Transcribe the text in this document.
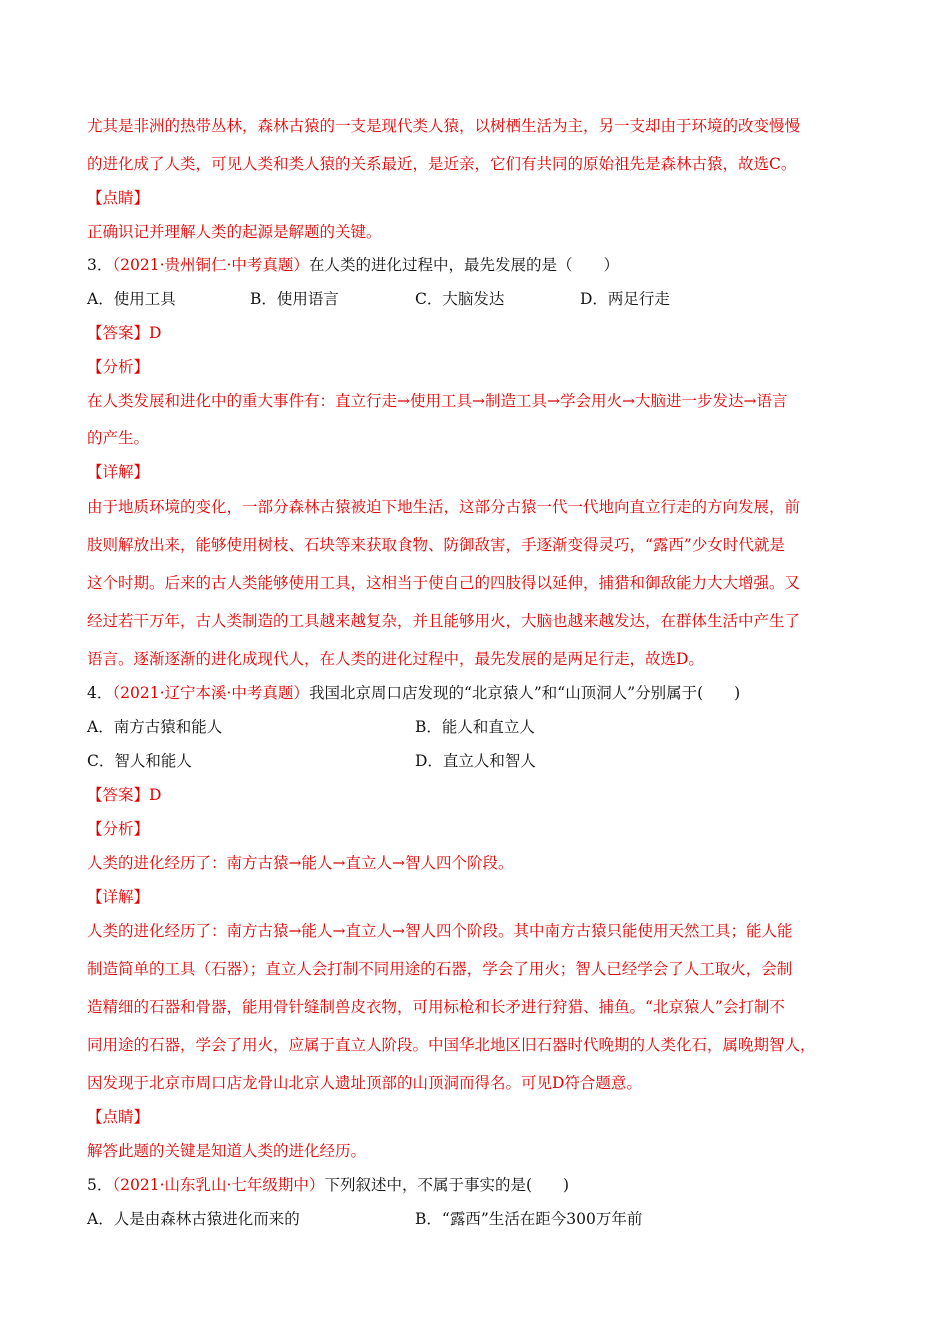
尤其是非洲的热带丛林，森林古猿的一支是现代类人猿，以树栖生活为主，另一支却由于环境的改变慢慢
的进化成了人类，可见人类和类人猿的关系最近，是近亲，它们有共同的原始祖先是森林古猿，故选C。
【点睛】
正确识记并理解人类的起源是解题的关键。
3．（2021·贵州铜仁·中考真题）在人类的进化过程中，最先发展的是（　　）
A．使用工具	B．使用语言	C．大脑发达	D．两足行走
【答案】D
【分析】
在人类发展和进化中的重大事件有：直立行走→使用工具→制造工具→学会用火→大脑进一步发达→语言
的产生。
【详解】
由于地质环境的变化，一部分森林古猿被迫下地生活，这部分古猿一代一代地向直立行走的方向发展，前
肢则解放出来，能够使用树枝、石块等来获取食物、防御敌害，手逐渐变得灵巧，“露西”少女时代就是
这个时期。后来的古人类能够使用工具，这相当于使自己的四肢得以延伸，捕猎和御敌能力大大增强。又
经过若干万年，古人类制造的工具越来越复杂，并且能够用火，大脑也越来越发达，在群体生活中产生了
语言。逐渐逐渐的进化成现代人，在人类的进化过程中，最先发展的是两足行走，故选D。
4．（2021·辽宁本溪·中考真题）我国北京周口店发现的“北京猿人”和“山顶洞人”分别属于(　　)
A．南方古猿和能人	B．能人和直立人
C．智人和能人	D．直立人和智人
【答案】D
【分析】
人类的进化经历了：南方古猿→能人→直立人→智人四个阶段。
【详解】
人类的进化经历了：南方古猿→能人→直立人→智人四个阶段。其中南方古猿只能使用天然工具；能人能
制造简单的工具（石器）；直立人会打制不同用途的石器，学会了用火；智人已经学会了人工取火，会制
造精细的石器和骨器，能用骨针缝制兽皮衣物，可用标枪和长矛进行狩猎、捕鱼。“北京猿人”会打制不
同用途的石器，学会了用火，应属于直立人阶段。中国华北地区旧石器时代晚期的人类化石，属晚期智人，
因发现于北京市周口店龙骨山北京人遗址顶部的山顶洞而得名。可见D符合题意。
【点睛】
解答此题的关键是知道人类的进化经历。
5．（2021·山东乳山·七年级期中）下列叙述中，不属于事实的是(　　)
A．人是由森林古猿进化而来的	B．“露西”生活在距今300万年前
